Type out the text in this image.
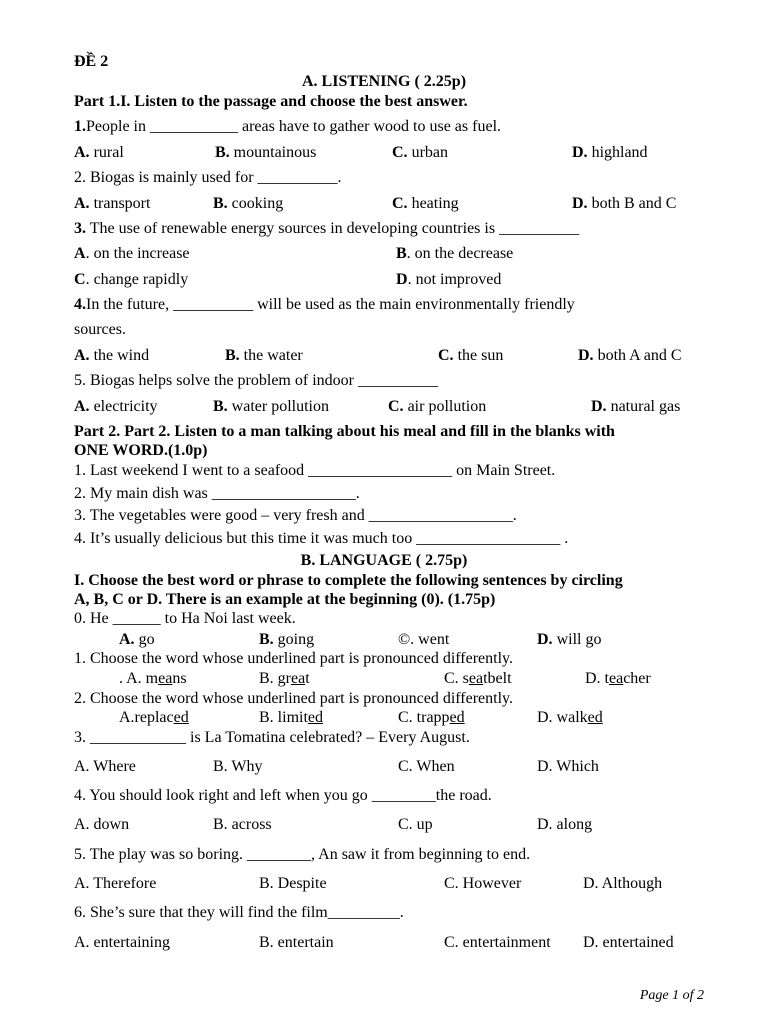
ĐỀ 2
A. LISTENING ( 2.25p)
Part 1.I. Listen to the passage and choose the best answer.
1.People in ___________ areas have to gather wood to use as fuel.
A. rural	B. mountainous	C. urban	D. highland
2. Biogas is mainly used for __________.
A. transport	B. cooking	C. heating	D. both B and C
3. The use of renewable energy sources in developing countries is __________
A. on the increase	B. on the decrease
C. change rapidly	D. not improved
4.In the future, __________ will be used as the main environmentally friendly
sources.
A. the wind	B. the water	C. the sun	D. both A and C
5. Biogas helps solve the problem of indoor __________
A. electricity	B. water pollution	C. air pollution	D. natural gas
Part 2. Part 2. Listen to a man talking about his meal and fill in the blanks with
ONE WORD.(1.0p)
1. Last weekend I went to a seafood __________________ on Main Street.
2. My main dish was __________________.
3. The vegetables were good – very fresh and __________________.
4. It’s usually delicious but this time it was much too __________________ .
B. LANGUAGE ( 2.75p)
I. Choose the best word or phrase to complete the following sentences by circling
A, B, C or D. There is an example at the beginning (0). (1.75p)
0. He ______ to Ha Noi last week.
A. go	B. going	©. went	D. will go
1. Choose the word whose underlined part is pronounced differently.
. A. means	B. great	C. seatbelt	D. teacher
2. Choose the word whose underlined part is pronounced differently.
A.replaced	B. limited	C. trapped	D. walked
3. ____________ is La Tomatina celebrated? – Every August.
A. Where	B. Why	C. When	D. Which
4. You should look right and left when you go ________the road.
A. down	B. across	C. up	D. along
5. The play was so boring. ________, An saw it from beginning to end.
A. Therefore	B. Despite	C. However	D. Although
6. She’s sure that they will find the film_________.
A. entertaining	B. entertain	C. entertainment D. entertained
Page 1 of 2
